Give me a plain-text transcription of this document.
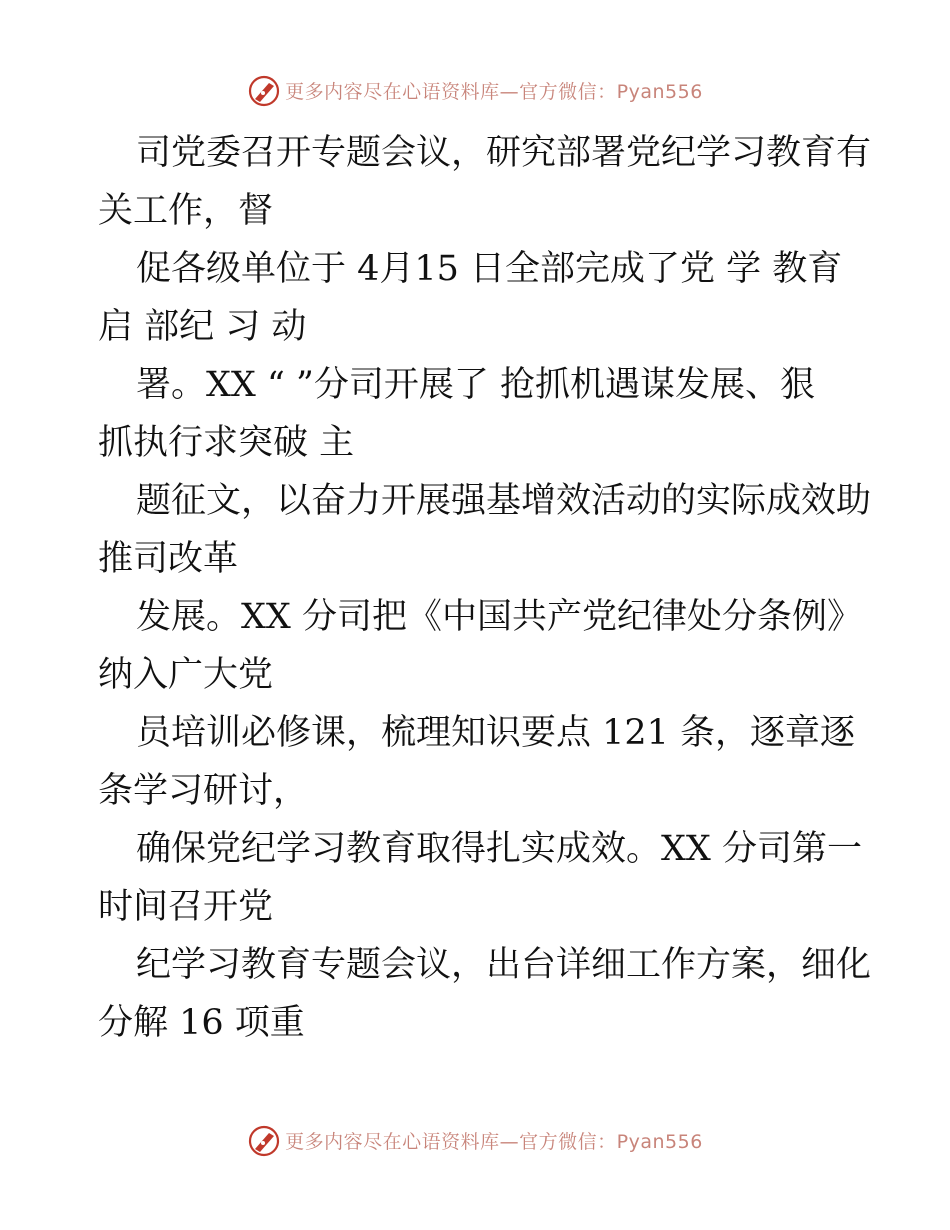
更多内容尽在心语资料库—官方微信：Pyan556

司党委召开专题会议，研究部署党纪学习教育有
关工作，督

促各级单位于 4月15 日全部完成了党 学 教育
启 部纪 习 动

署。XX “ ”分司开展了 抢抓机遇谋发展、狠
抓执行求突破 主

题征文，以奋力开展强基增效活动的实际成效助
推司改革

发展。XX 分司把《中国共产党纪律处分条例》
纳入广大党

员培训必修课，梳理知识要点 121 条，逐章逐
条学习研讨，

确保党纪学习教育取得扎实成效。XX 分司第一
时间召开党

纪学习教育专题会议，出台详细工作方案，细化
分解 16 项重

更多内容尽在心语资料库—官方微信：Pyan556
